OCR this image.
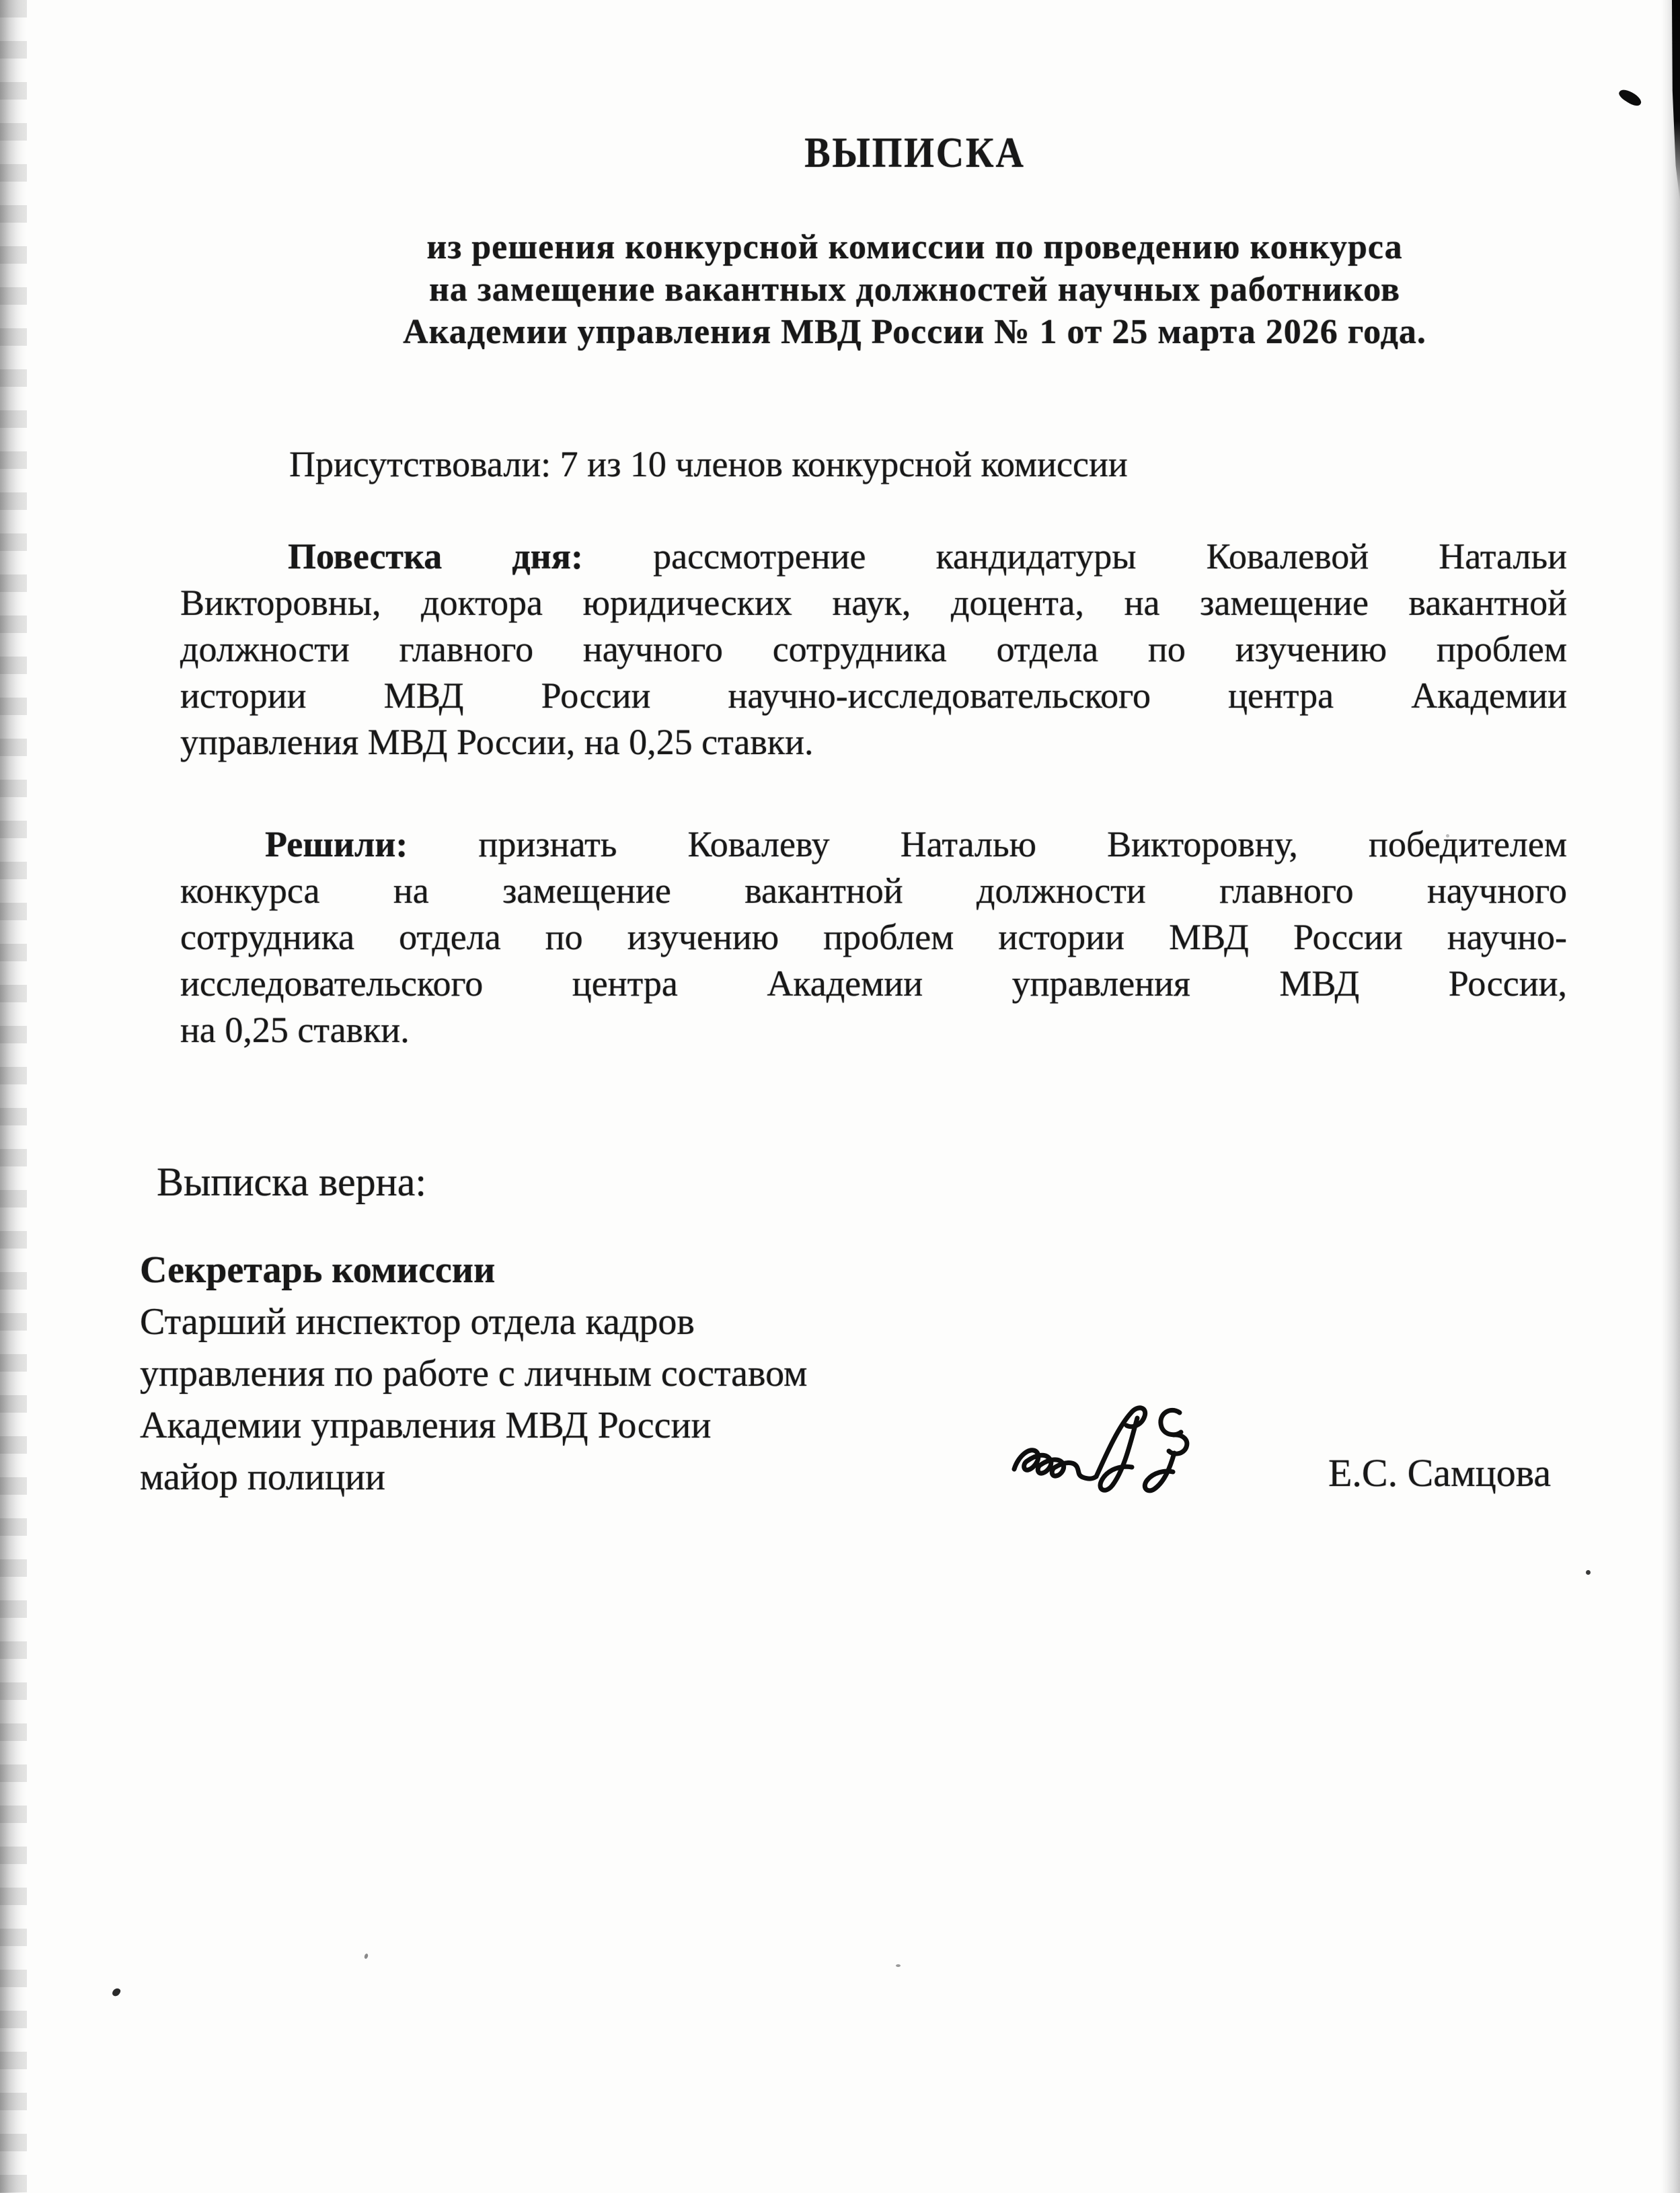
ВЫПИСКА
из решения конкурсной комиссии по проведению конкурса
на замещение вакантных должностей научных работников
Академии управления МВД России № 1 от 25 марта 2026 года.
Присутствовали: 7 из 10 членов конкурсной комиссии
Повестка дня: рассмотрение кандидатуры Ковалевой Натальи
Викторовны, доктора юридических наук, доцента, на замещение вакантной
должности главного научного сотрудника отдела по изучению проблем
истории МВД России научно-исследовательского центра Академии
управления МВД России, на 0,25 ставки.
Решили: признать Ковалеву Наталью Викторовну, победителем
конкурса на замещение вакантной должности главного научного
сотрудника отдела по изучению проблем истории МВД России научно-
исследовательского центра Академии управления МВД России,
на 0,25 ставки.
Выписка верна:
Секретарь комиссии
Старший инспектор отдела кадров
управления по работе с личным составом
Академии управления МВД России
майор полиции	Е.С. Самцова
